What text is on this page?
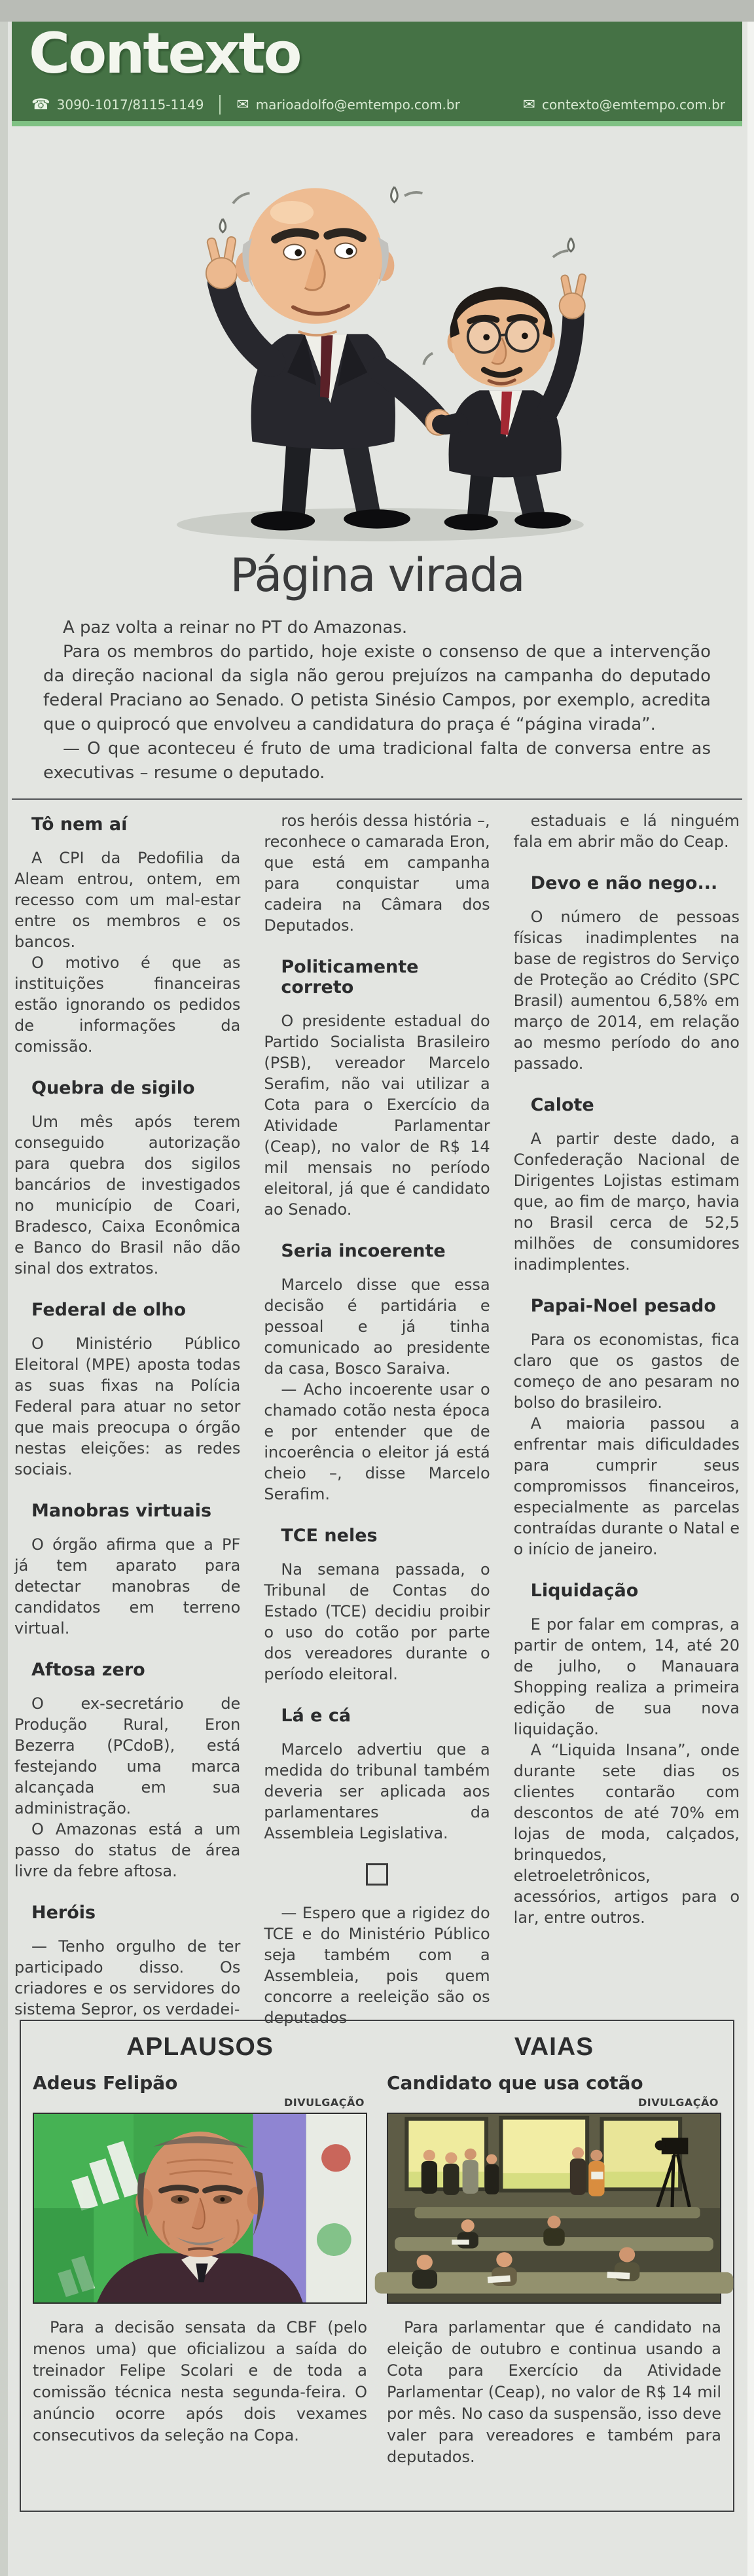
Contexto
☎ 3090-1017/8115-1149 ✉ marioadolfo@emtempo.com.br	✉ contexto@emtempo.com.br
Página virada

A paz volta a reinar no PT do Amazonas.

Para os membros do partido, hoje existe o consenso de que a intervenção da direção nacional da sigla não gerou prejuízos na campanha do deputado federal Praciano ao Senado. O petista Sinésio Campos, por exemplo, acredita que o quiprocó que envolveu a candidatura do praça é “página virada”.

— O que aconteceu é fruto de uma tradicional falta de conversa entre as executivas – resume o deputado.

Tô nem aí

A CPI da Pedofilia da Aleam entrou, ontem, em recesso com um mal-estar entre os membros e os bancos.

O motivo é que as instituições financeiras estão ignorando os pedidos de informações da comissão.

Quebra de sigilo

Um mês após terem conseguido autorização para quebra dos sigilos bancários de investigados no município de Coari, Bradesco, Caixa Econômica e Banco do Brasil não dão sinal dos extratos.

Federal de olho

O Ministério Público Eleitoral (MPE) aposta todas as suas fixas na Polícia Federal para atuar no setor que mais preocupa o órgão nestas eleições: as redes sociais.

Manobras virtuais

O órgão afirma que a PF já tem aparato para detectar manobras de candidatos em terreno virtual.

Aftosa zero

O ex-secretário de Produção Rural, Eron Bezerra (PCdoB), está festejando uma marca alcançada em sua administração.

O Amazonas está a um passo do status de área livre da febre aftosa.

Heróis

— Tenho orgulho de ter participado disso. Os criadores e os servidores do sistema Sepror, os verdadei-

ros heróis dessa história –, reconhece o camarada Eron, que está em campanha para conquistar uma cadeira na Câmara dos Deputados.

Politicamente correto

O presidente estadual do Partido Socialista Brasileiro (PSB), vereador Marcelo Serafim, não vai utilizar a Cota para o Exercício da Atividade Parlamentar (Ceap), no valor de R$ 14 mil mensais no período eleitoral, já que é candidato ao Senado.

Seria incoerente

Marcelo disse que essa decisão é partidária e pessoal e já tinha comunicado ao presidente da casa, Bosco Saraiva.

— Acho incoerente usar o chamado cotão nesta época e por entender que de incoerência o eleitor já está cheio –, disse Marcelo Serafim.

TCE neles

Na semana passada, o Tribunal de Contas do Estado (TCE) decidiu proibir o uso do cotão por parte dos vereadores durante o período eleitoral.

Lá e cá

Marcelo advertiu que a medida do tribunal também deveria ser aplicada aos parlamentares da Assembleia Legislativa.

— Espero que a rigidez do TCE e do Ministério Público seja também com a Assembleia, pois quem concorre a reeleição são os deputados

estaduais e lá ninguém fala em abrir mão do Ceap.

Devo e não nego...

O número de pessoas físicas inadimplentes na base de registros do Serviço de Proteção ao Crédito (SPC Brasil) aumentou 6,58% em março de 2014, em relação ao mesmo período do ano passado.

Calote

A partir deste dado, a Confederação Nacional de Dirigentes Lojistas estimam que, ao fim de março, havia no Brasil cerca de 52,5 milhões de consumidores inadimplentes.

Papai-Noel pesado

Para os economistas, fica claro que os gastos de começo de ano pesaram no bolso do brasileiro.

A maioria passou a enfrentar mais dificuldades para cumprir seus compromissos financeiros, especialmente as parcelas contraídas durante o Natal e o início de janeiro.

Liquidação

E por falar em compras, a partir de ontem, 14, até 20 de julho, o Manauara Shopping realiza a primeira edição de sua nova liquidação.

A “Liquida Insana”, onde durante sete dias os clientes contarão com descontos de até 70% em lojas de moda, calçados, brinquedos, eletroeletrônicos, acessórios, artigos para o lar, entre outros.

APLAUSOS
Adeus Felipão
DIVULGAÇÃO

Para a decisão sensata da CBF (pelo menos uma) que oficializou a saída do treinador Felipe Scolari e de toda a comissão técnica nesta segunda-feira. O anúncio ocorre após dois vexames consecutivos da seleção na Copa.

VAIAS
Candidato que usa cotão
DIVULGAÇÃO

Para parlamentar que é candidato na eleição de outubro e continua usando a Cota para Exercício da Atividade Parlamentar (Ceap), no valor de R$ 14 mil por mês. No caso da suspensão, isso deve valer para vereadores e também para deputados.
